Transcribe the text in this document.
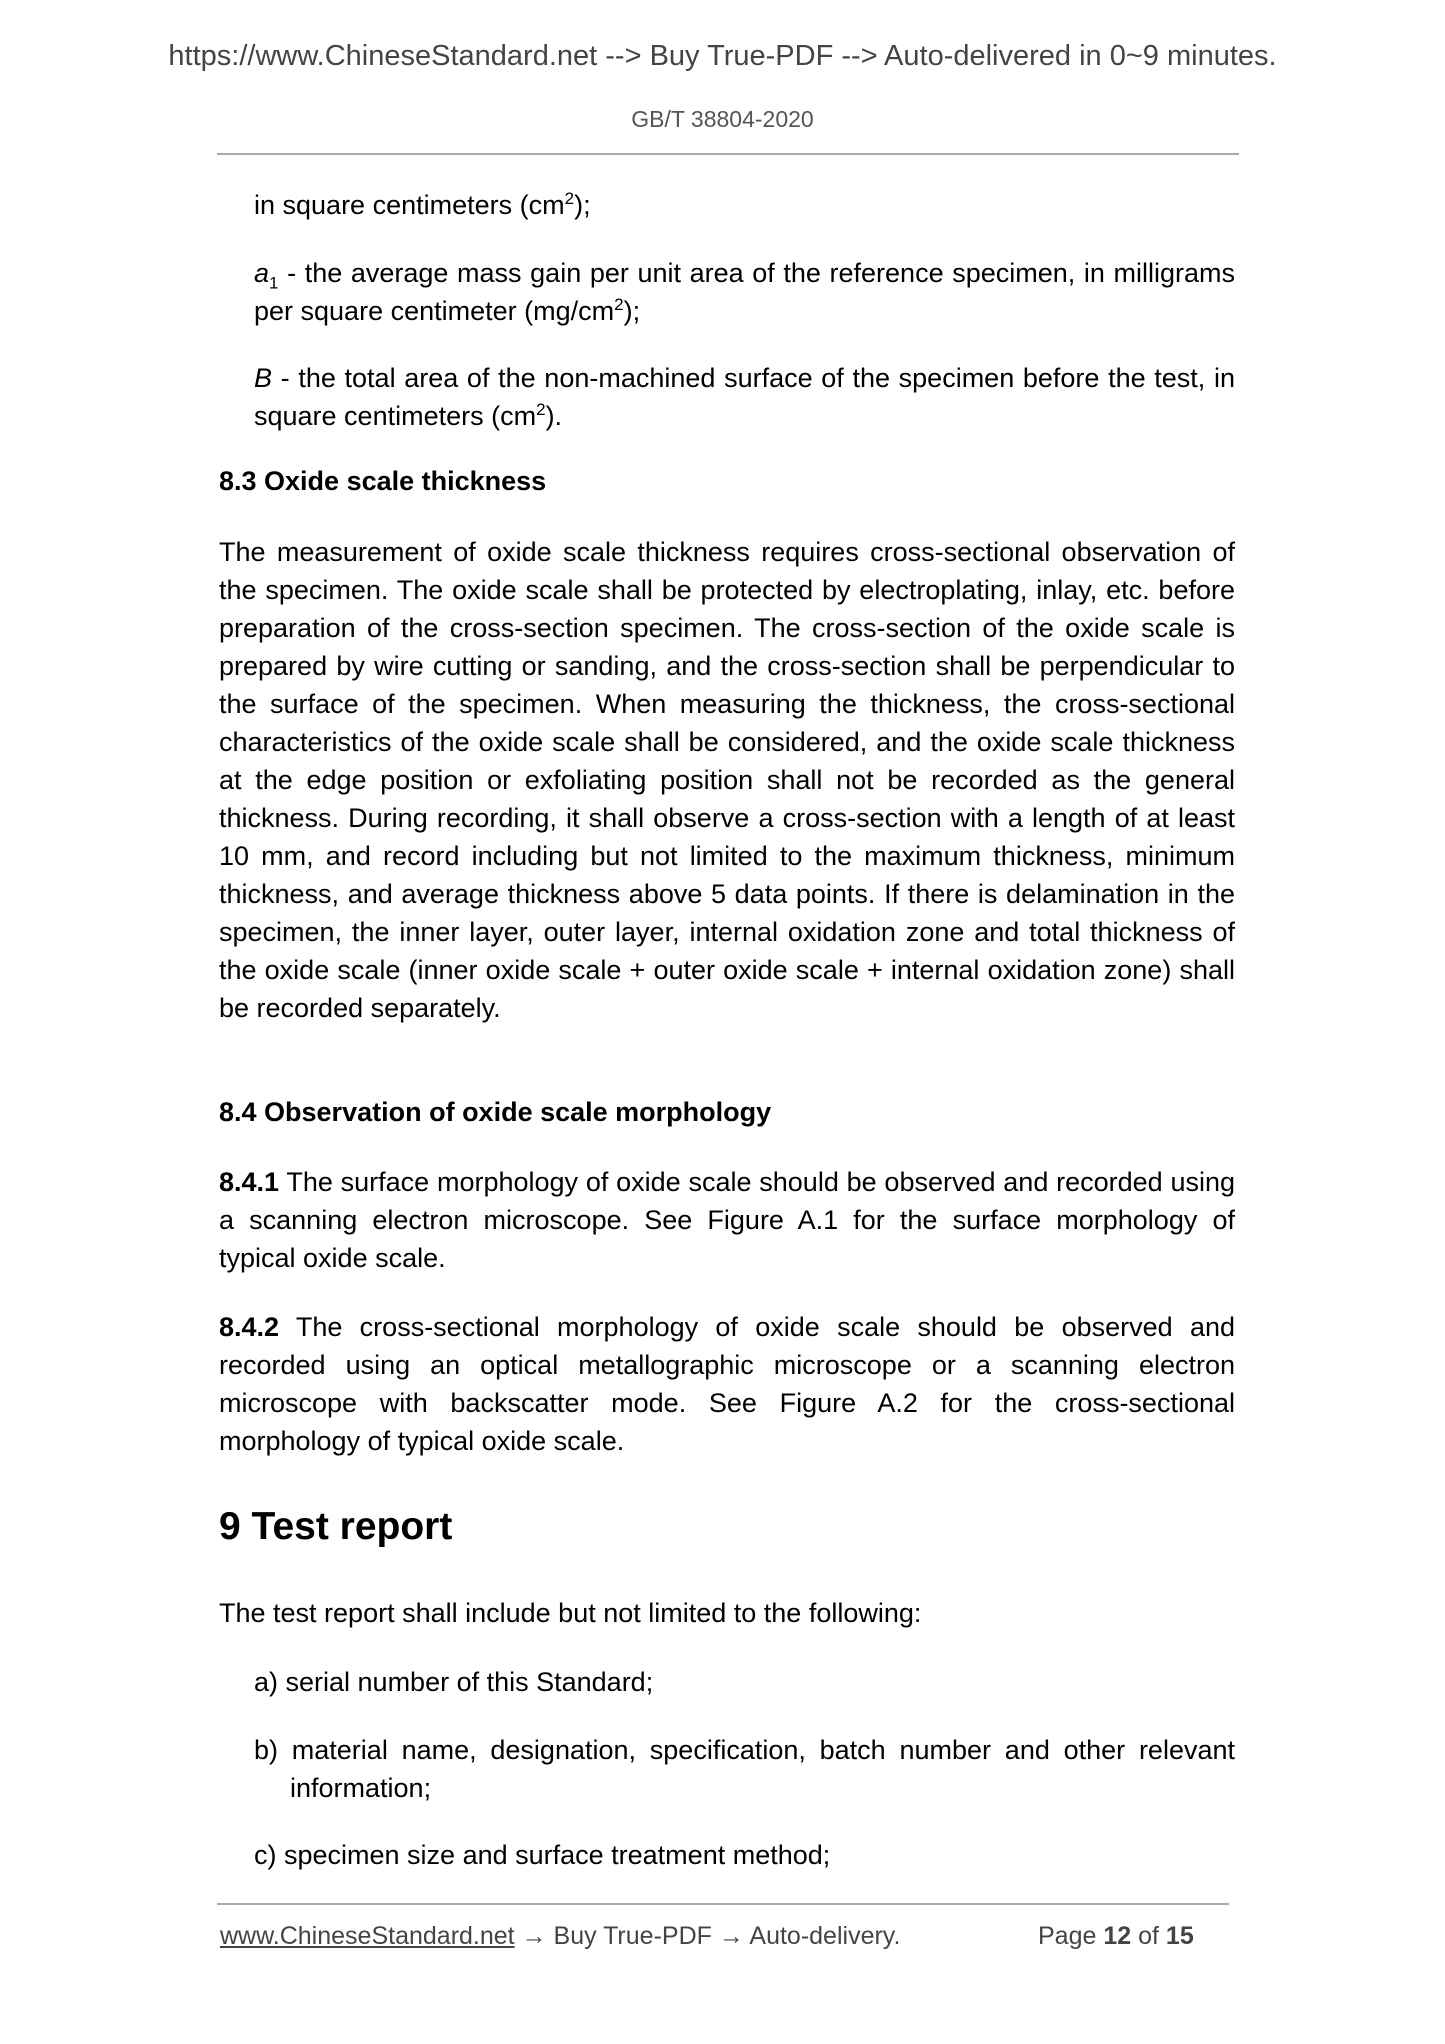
https://www.ChineseStandard.net --> Buy True-PDF --> Auto-delivered in 0~9 minutes.
GB/T 38804-2020
in square centimeters $(cm^2)$;
$a_1$ - the average mass gain per unit area of the reference specimen, in milligrams per square centimeter $(mg/cm^2)$;
B - the total area of the non-machined surface of the specimen before the test, in square centimeters $(cm^2)$.
8.3 Oxide scale thickness
The measurement of oxide scale thickness requires cross-sectional observation of the specimen. The oxide scale shall be protected by electroplating, inlay, etc. before preparation of the cross-section specimen. The cross-section of the oxide scale is prepared by wire cutting or sanding, and the cross-section shall be perpendicular to the surface of the specimen. When measuring the thickness, the cross-sectional characteristics of the oxide scale shall be considered, and the oxide scale thickness at the edge position or exfoliating position shall not be recorded as the general thickness. During recording, it shall observe a cross-section with a length of at least 10 mm, and record including but not limited to the maximum thickness, minimum thickness, and average thickness above 5 data points. If there is delamination in the specimen, the inner layer, outer layer, internal oxidation zone and total thickness of the oxide scale (inner oxide scale + outer oxide scale + internal oxidation zone) shall be recorded separately.
8.4 Observation of oxide scale morphology
8.4.1 The surface morphology of oxide scale should be observed and recorded using a scanning electron microscope. See Figure A.1 for the surface morphology of typical oxide scale.
8.4.2 The cross-sectional morphology of oxide scale should be observed and recorded using an optical metallographic microscope or a scanning electron microscope with backscatter mode. See Figure A.2 for the cross-sectional morphology of typical oxide scale.
9 Test report
The test report shall include but not limited to the following:
a) serial number of this Standard;
b) material name, designation, specification, batch number and other relevant information;
c) specimen size and surface treatment method;
www.ChineseStandard.net → Buy True-PDF → Auto-delivery.	Page 12 of 15
